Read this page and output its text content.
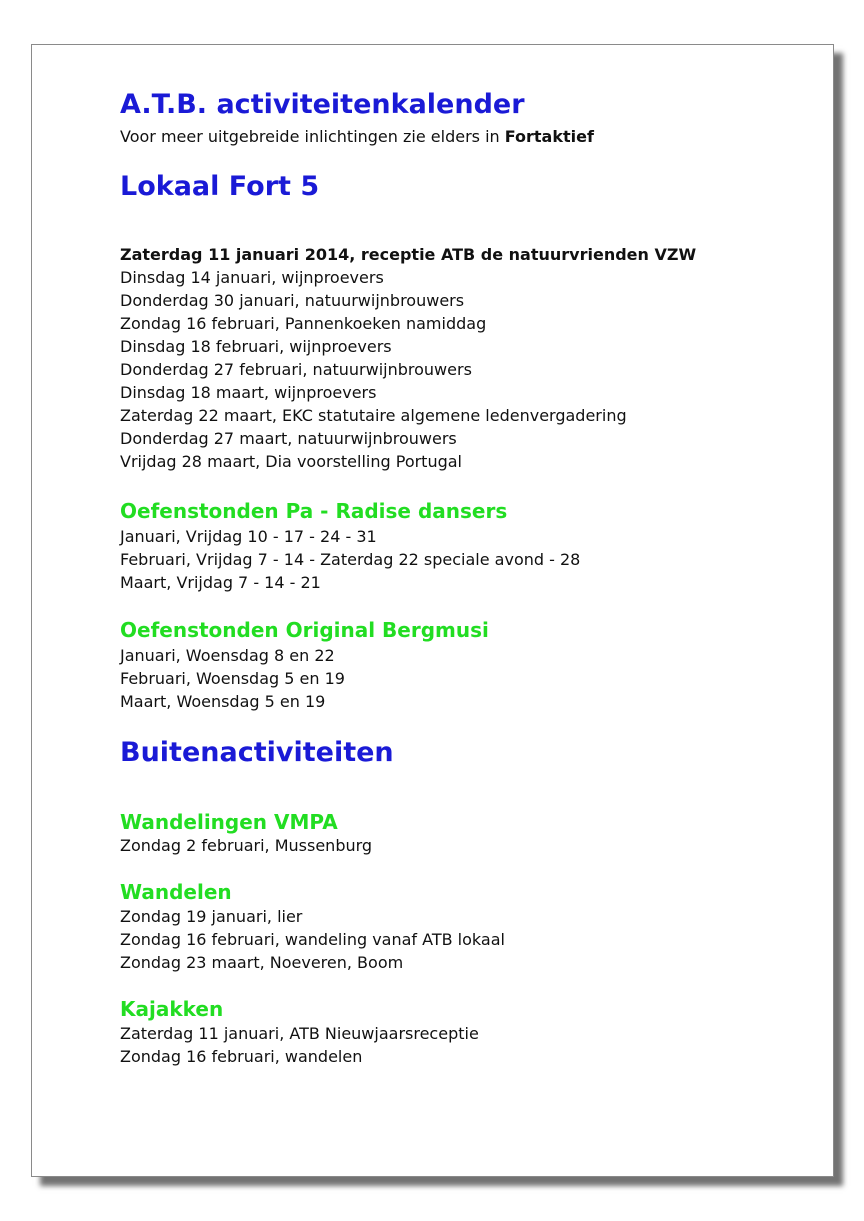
A.T.B. activiteitenkalender
Voor meer uitgebreide inlichtingen zie elders in Fortaktief
Lokaal Fort 5
Zaterdag 11 januari 2014, receptie ATB de natuurvrienden VZW
Dinsdag 14 januari, wijnproevers
Donderdag 30 januari, natuurwijnbrouwers
Zondag 16 februari, Pannenkoeken namiddag
Dinsdag 18 februari, wijnproevers
Donderdag 27 februari, natuurwijnbrouwers
Dinsdag 18 maart, wijnproevers
Zaterdag 22 maart, EKC statutaire algemene ledenvergadering
Donderdag 27 maart, natuurwijnbrouwers
Vrijdag 28 maart, Dia voorstelling Portugal
Oefenstonden Pa - Radise dansers
Januari, Vrijdag 10 - 17 - 24 - 31
Februari, Vrijdag 7 - 14 - Zaterdag 22 speciale avond - 28
Maart, Vrijdag 7 - 14 - 21
Oefenstonden Original Bergmusi
Januari, Woensdag 8 en 22
Februari, Woensdag 5 en 19
Maart, Woensdag 5 en 19
Buitenactiviteiten
Wandelingen VMPA
Zondag 2 februari, Mussenburg
Wandelen
Zondag 19 januari, lier
Zondag 16 februari, wandeling vanaf ATB lokaal
Zondag 23 maart, Noeveren, Boom
Kajakken
Zaterdag 11 januari, ATB Nieuwjaarsreceptie
Zondag 16 februari, wandelen
